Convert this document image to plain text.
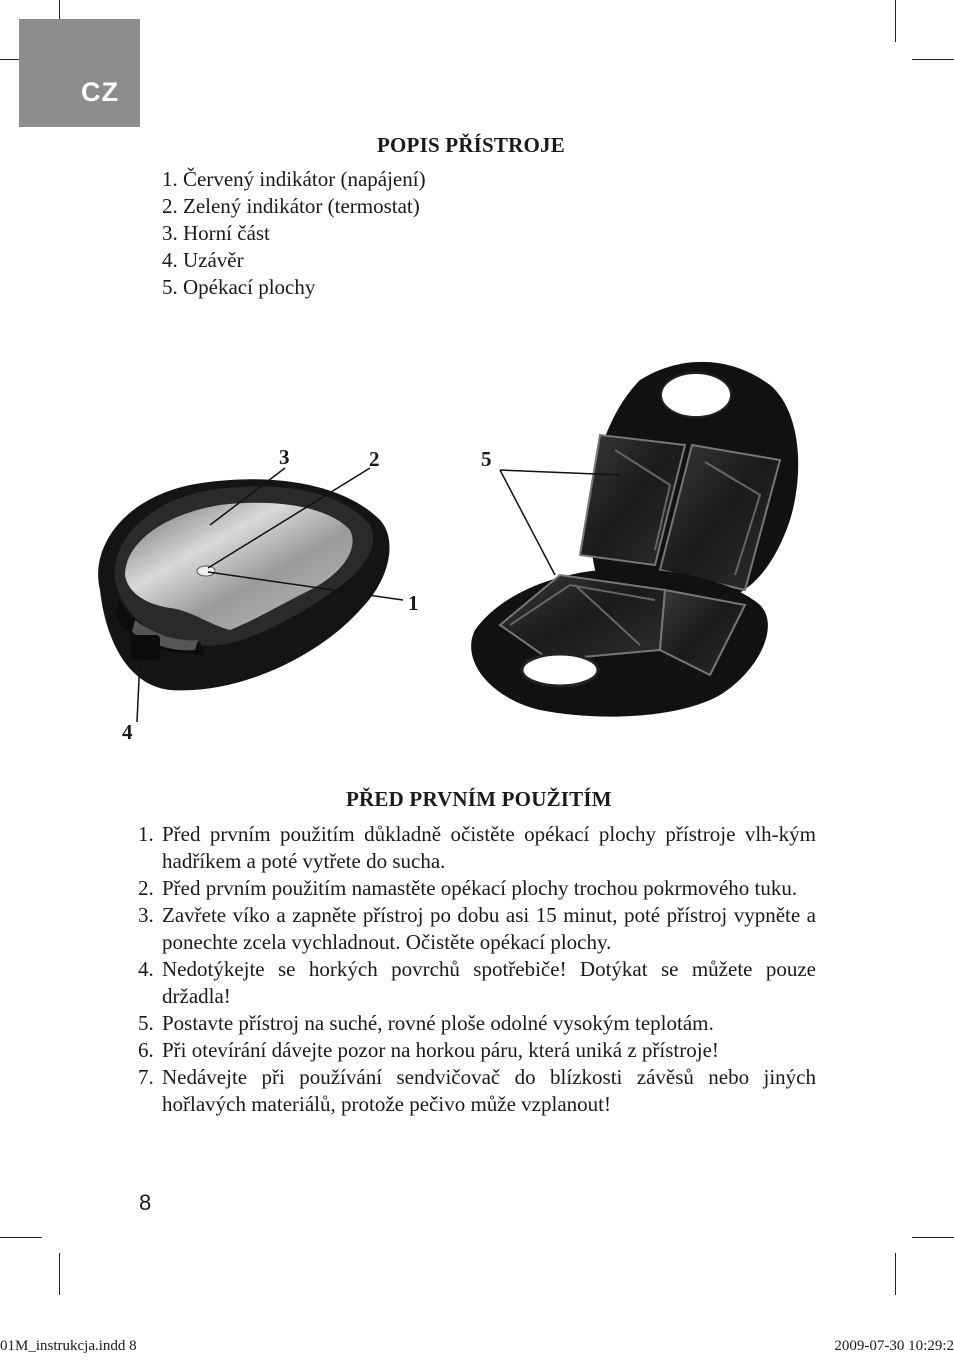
CZ
POPIS PŘÍSTROJE
1. Červený indikátor (napájení)
2. Zelený indikátor (termostat)
3. Horní část
4. Uzávěr
5. Opékací plochy
3	2	5
1
4
PŘED PRVNÍM POUŽITÍM
1. Před prvním použitím důkladně očistěte opékací plochy přístroje vlh-kým hadříkem a poté vytřete do sucha.
2. Před prvním použitím namastěte opékací plochy trochou pokrmového tuku.
3. Zavřete víko a zapněte přístroj po dobu asi 15 minut, poté přístroj vypněte a ponechte zcela vychladnout. Očistěte opékací plochy.
4. Nedotýkejte se horkých povrchů spotřebiče! Dotýkat se můžete pouze držadla!
5. Postavte přístroj na suché, rovné ploše odolné vysokým teplotám.
6. Při otevírání dávejte pozor na horkou páru, která uniká z přístroje!
7. Nedávejte při používání sendvičovač do blízkosti závěsů nebo jiných hořlavých materiálů, protože pečivo může vzplanout!
8
01M_instrukcja.indd 8	2009-07-30 10:29:2
